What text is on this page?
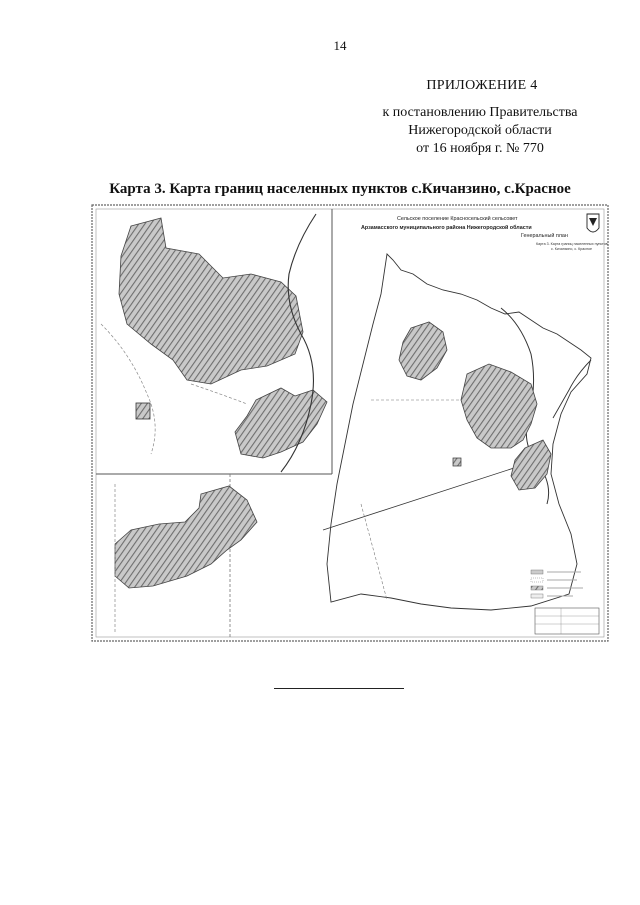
14
ПРИЛОЖЕНИЕ 4
к постановлению Правительства
Нижегородской области
от 16 ноября г. № 770
Карта 3. Карта границ населенных пунктов с.Кичанзино, с.Красное
Сельское поселение Красносельский сельсовет
Арзамасского муниципального района Нижегородской области
Генеральный план
Карта 3. Карта границ населенных пунктов
с. Кичанзино, с. Красное
